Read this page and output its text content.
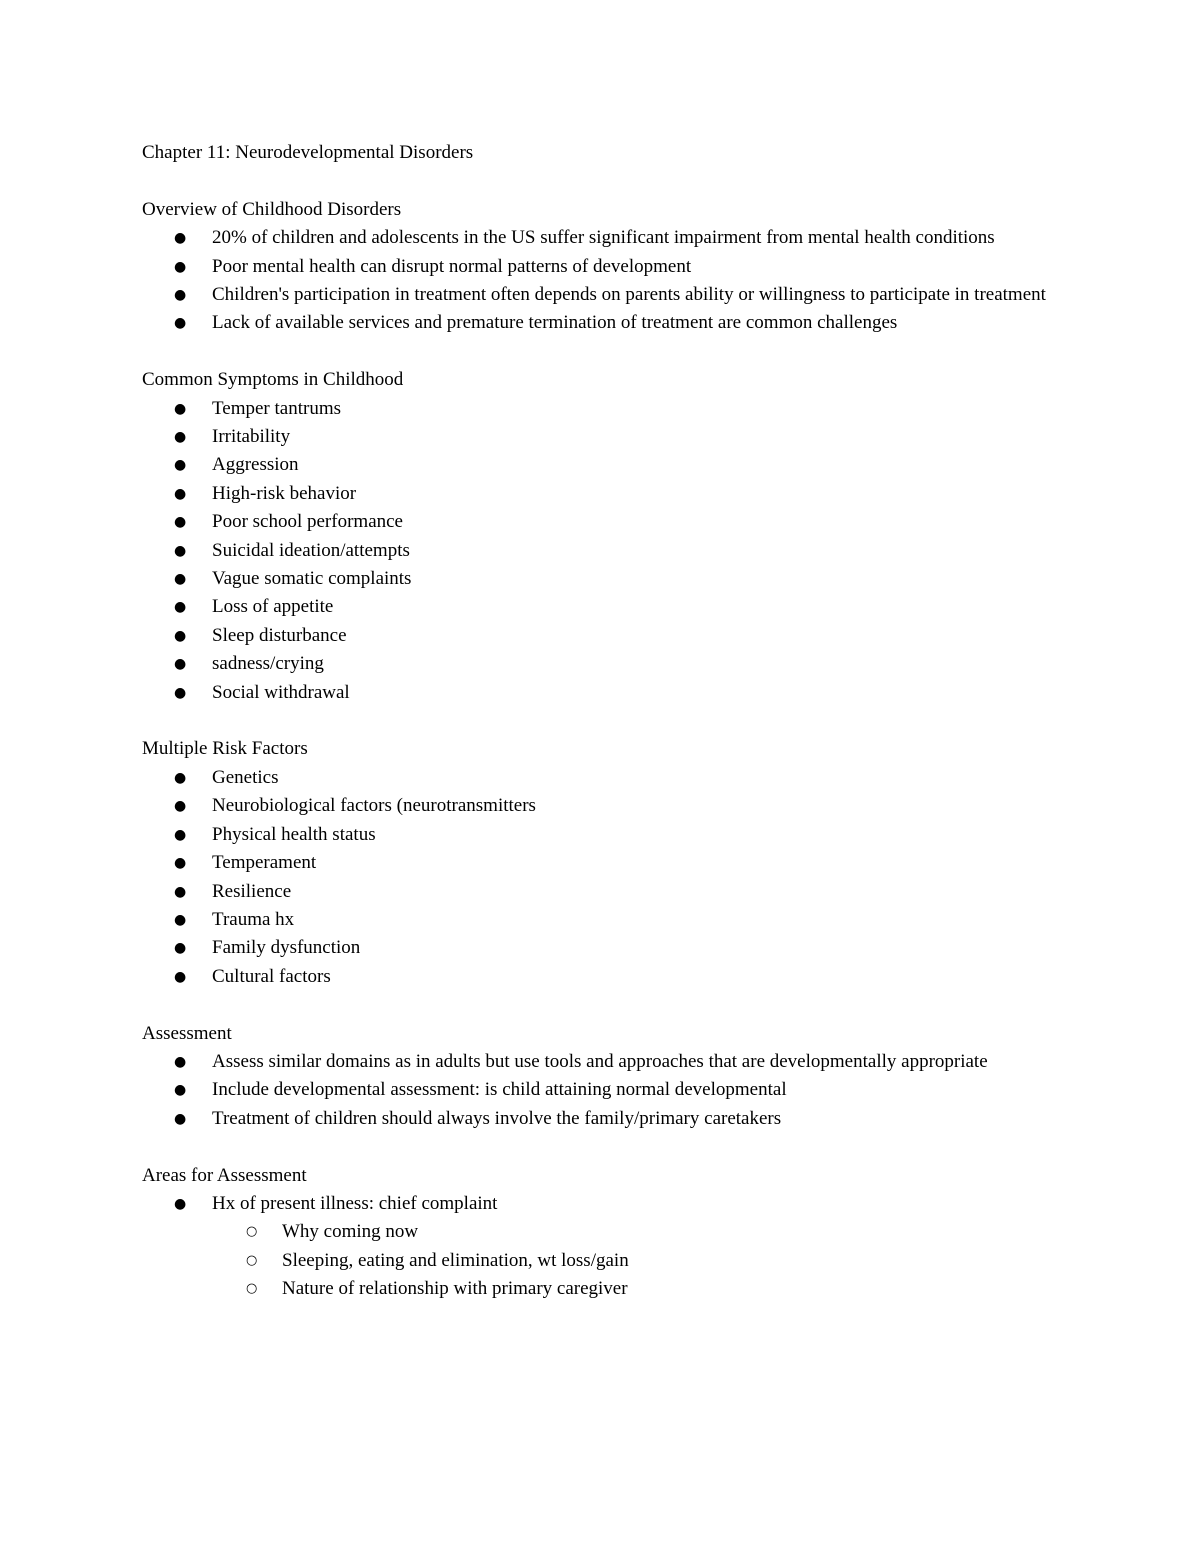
Chapter 11: Neurodevelopmental Disorders
Overview of Childhood Disorders
● 20% of children and adolescents in the US suffer significant impairment from mental health conditions
● Poor mental health can disrupt normal patterns of development
● Children's participation in treatment often depends on parents ability or willingness to participate in treatment
● Lack of available services and premature termination of treatment are common challenges
Common Symptoms in Childhood
● Temper tantrums
● Irritability
● Aggression
● High-risk behavior
● Poor school performance
● Suicidal ideation/attempts
● Vague somatic complaints
● Loss of appetite
● Sleep disturbance
● sadness/crying
● Social withdrawal
Multiple Risk Factors
● Genetics
● Neurobiological factors (neurotransmitters
● Physical health status
● Temperament
● Resilience
● Trauma hx
● Family dysfunction
● Cultural factors
Assessment
● Assess similar domains as in adults but use tools and approaches that are developmentally appropriate
● Include developmental assessment: is child attaining normal developmental
● Treatment of children should always involve the family/primary caretakers
Areas for Assessment
● Hx of present illness: chief complaint
○ Why coming now
○ Sleeping, eating and elimination, wt loss/gain
○ Nature of relationship with primary caregiver
